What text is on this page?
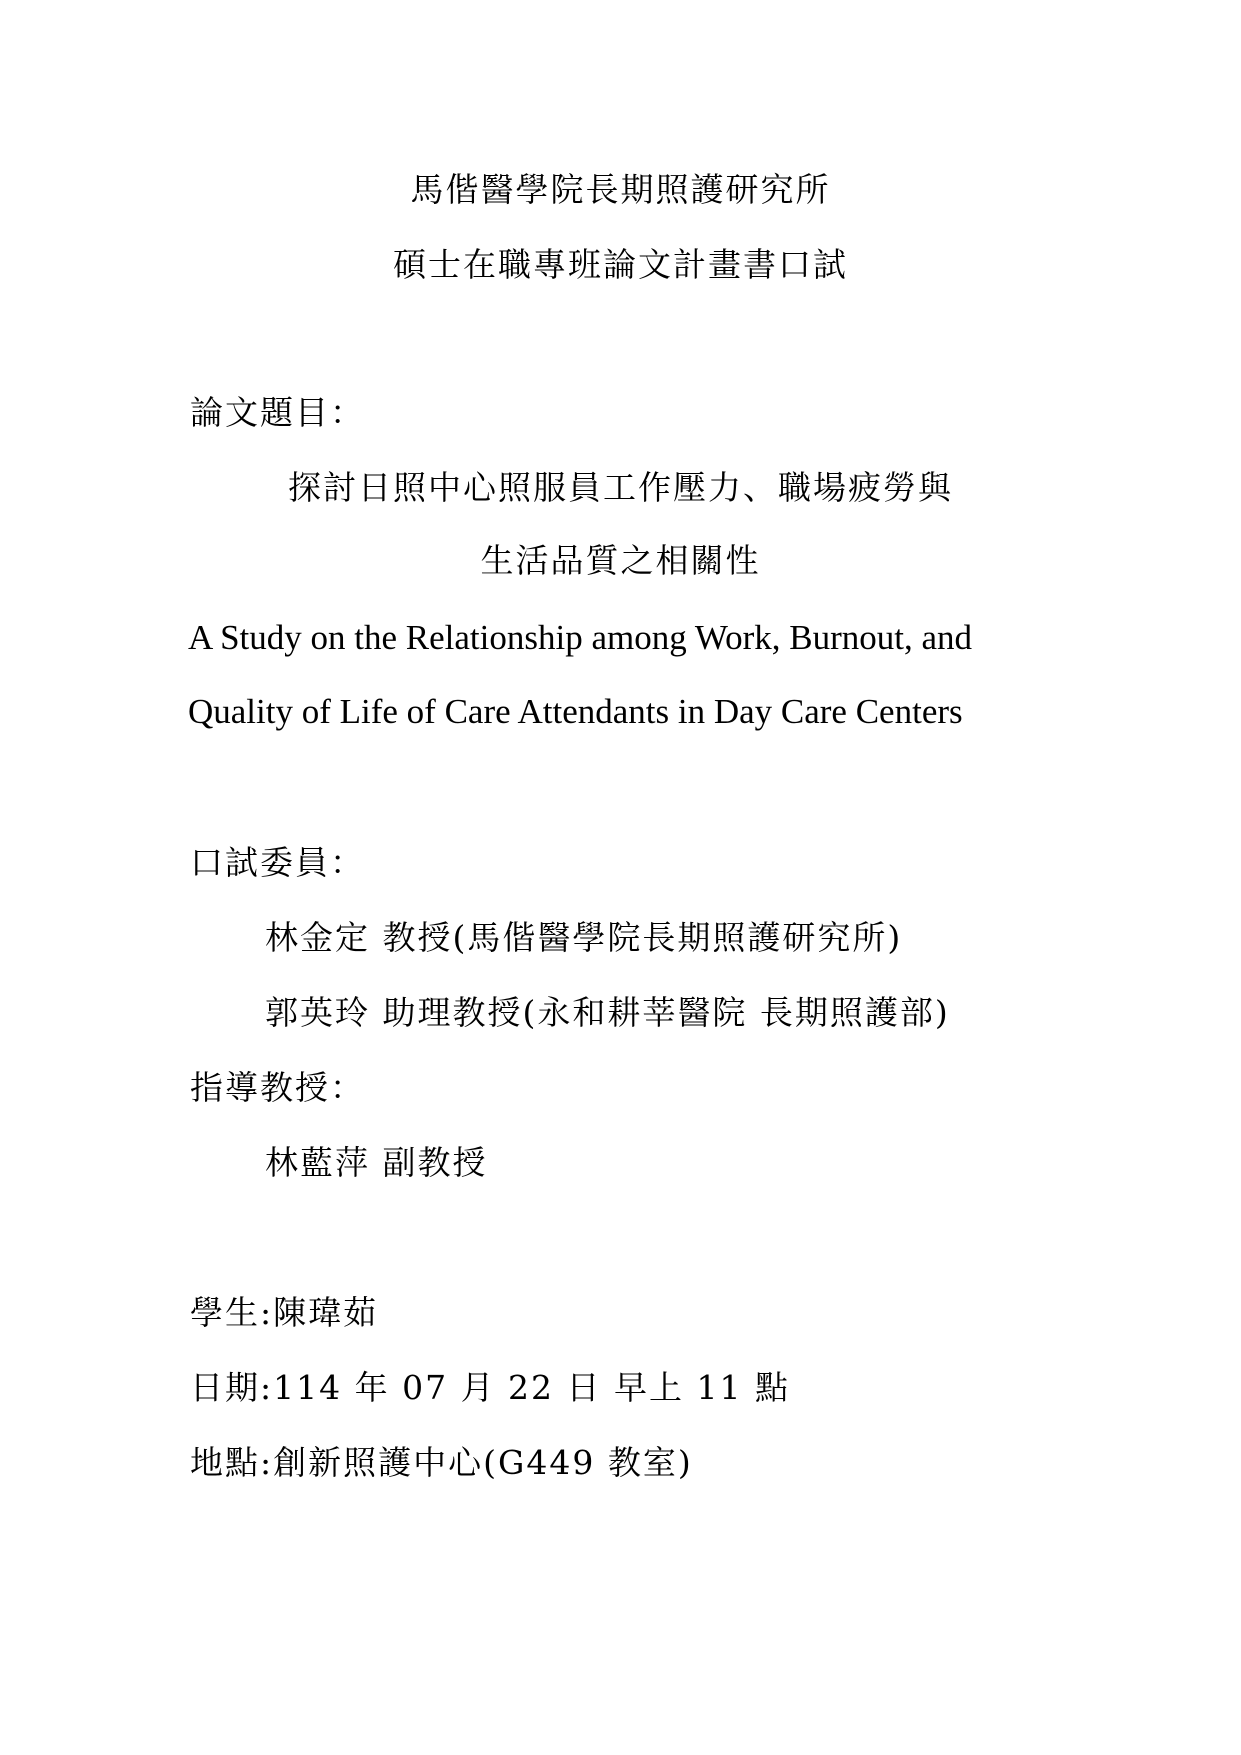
馬偕醫學院長期照護研究所
碩士在職專班論文計畫書口試
論文題目：
探討日照中心照服員工作壓力、職場疲勞與
生活品質之相關性
A Study on the Relationship among Work, Burnout, and
Quality of Life of Care Attendants in Day Care Centers
口試委員：
林金定 教授(馬偕醫學院長期照護研究所)
郭英玲 助理教授(永和耕莘醫院 長期照護部)
指導教授：
林藍萍 副教授
學生:陳瑋茹
日期:114 年 07 月 22 日 早上 11 點
地點:創新照護中心(G449 教室)
